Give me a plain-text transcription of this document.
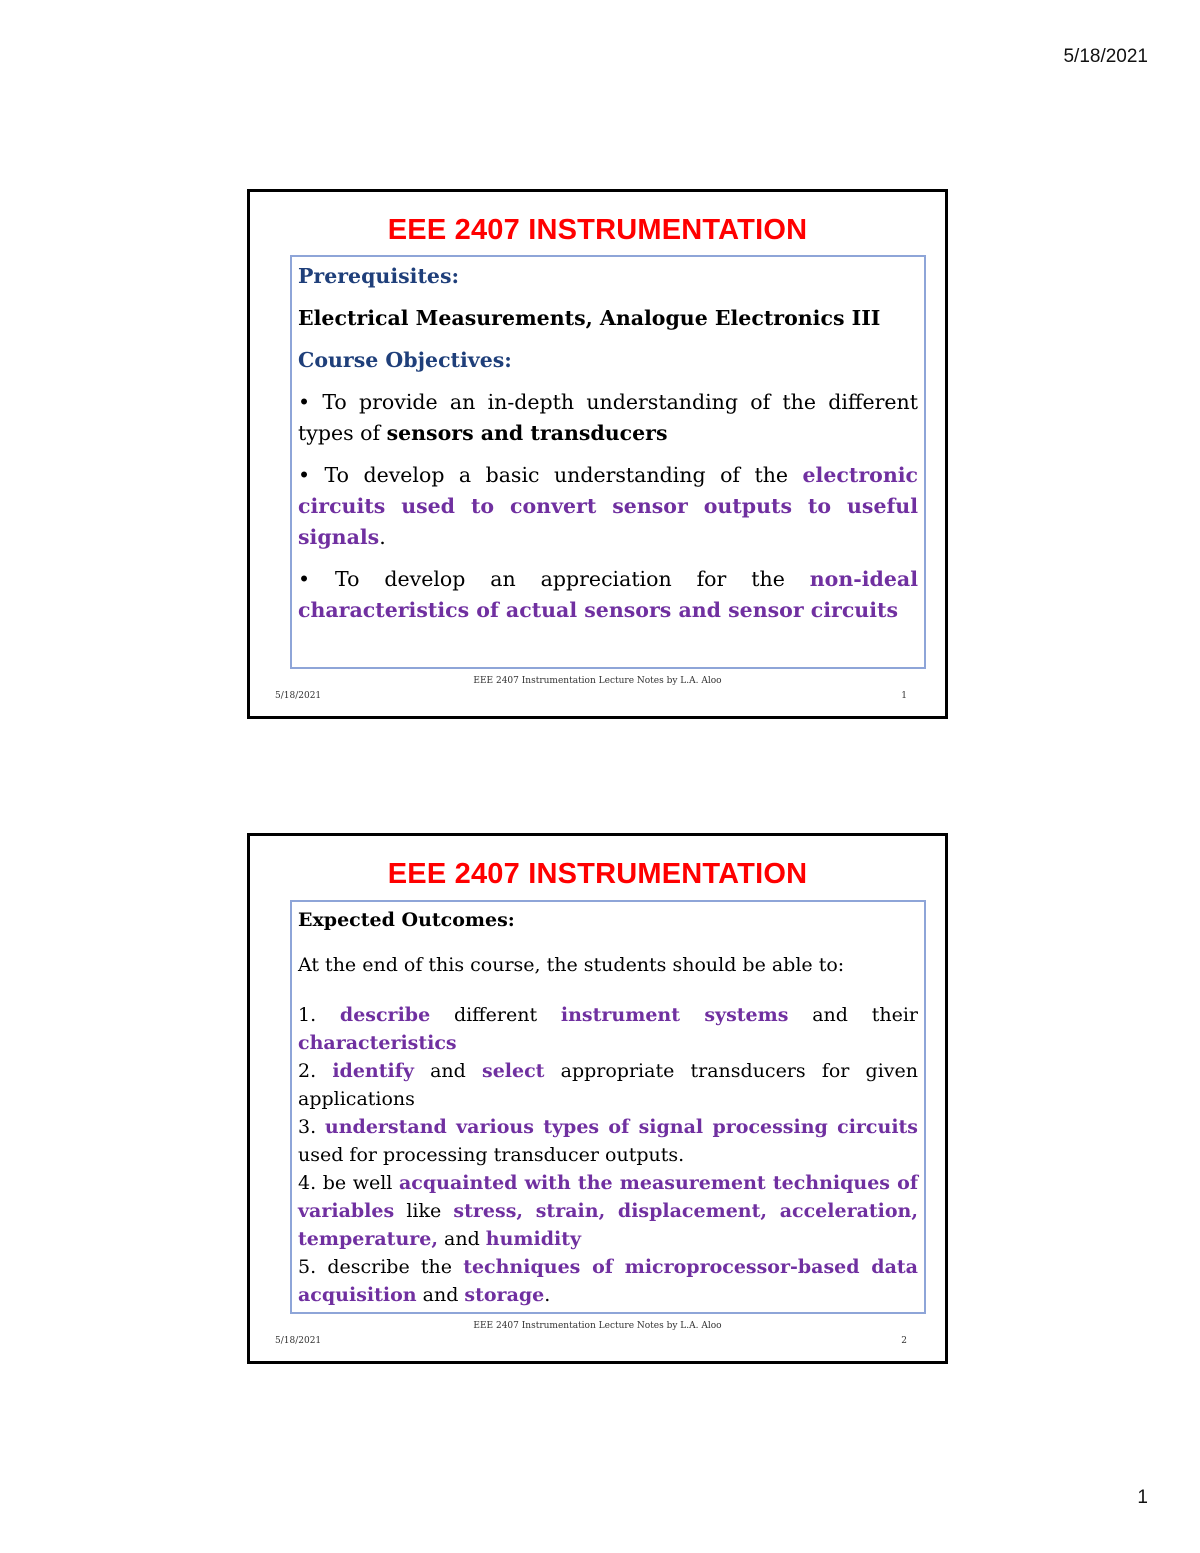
5/18/2021
EEE 2407 INSTRUMENTATION

Prerequisites:

Electrical Measurements, Analogue Electronics III

Course Objectives:

• To provide an in-depth understanding of the different

types of sensors and transducers

• To develop a basic understanding of the electronic circuits used to convert sensor outputs to useful signals.

• To develop an appreciation for the non-ideal characteristics of actual sensors and sensor circuits

EEE 2407 Instrumentation Lecture Notes by L.A. Aloo
5/18/2021	1
EEE 2407 INSTRUMENTATION

Expected Outcomes:

At the end of this course, the students should be able to:

1. describe different instrument systems and their characteristics

2. identify and select appropriate transducers for given applications

3. understand various types of signal processing circuits used for processing transducer outputs.

4. be well acquainted with the measurement techniques of variables like stress, strain, displacement, acceleration, temperature, and humidity

5. describe the techniques of microprocessor-based data acquisition and storage.

EEE 2407 Instrumentation Lecture Notes by L.A. Aloo
5/18/2021	2
1
